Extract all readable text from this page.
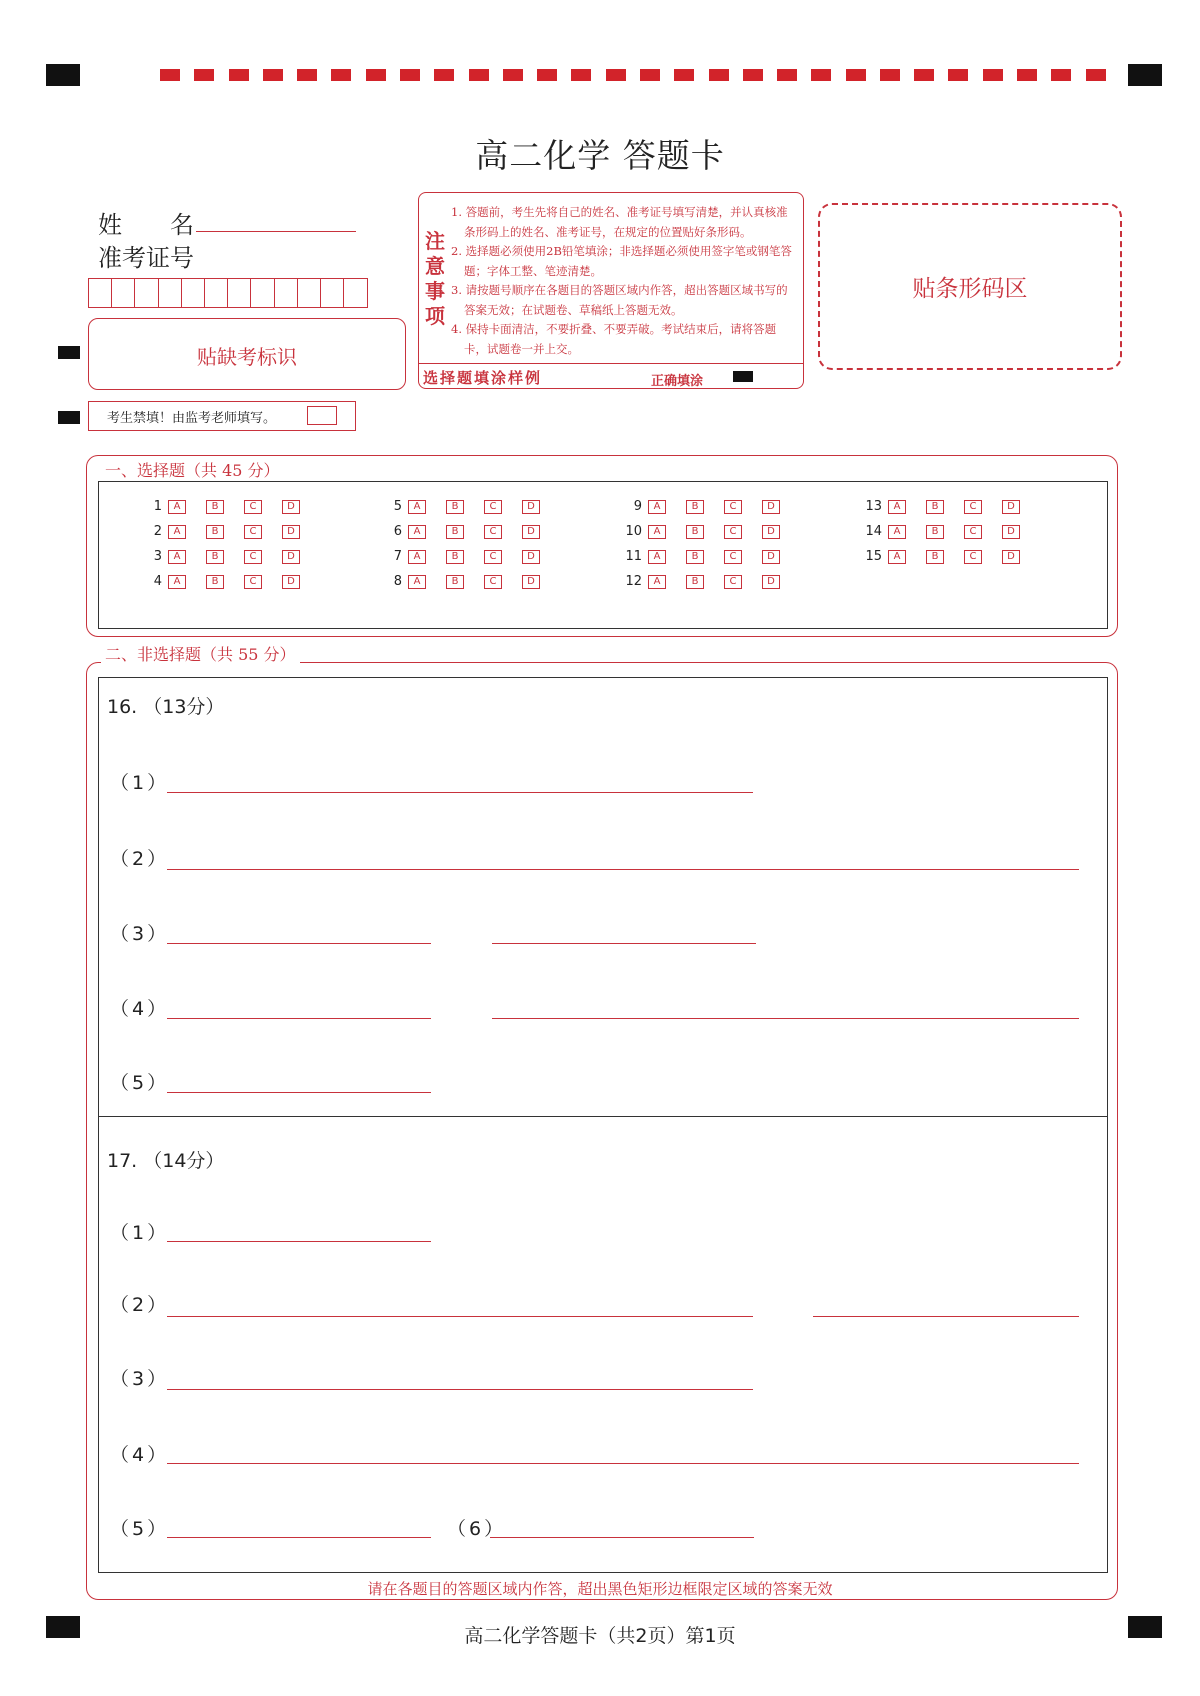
高二化学 答题卡
姓　　名
准考证号
贴缺考标识
考生禁填！由监考老师填写。
注意事项
1. 答题前，考生先将自己的姓名、准考证号填写清楚，并认真核准条形码上的姓名、准考证号，在规定的位置贴好条形码。
2. 选择题必须使用2B铅笔填涂；非选择题必须使用签字笔或钢笔答题；字体工整、笔迹清楚。
3. 请按题号顺序在各题目的答题区域内作答，超出答题区域书写的答案无效；在试题卷、草稿纸上答题无效。
4. 保持卡面清洁，不要折叠、不要弄破。考试结束后，请将答题卡，试题卷一并上交。
选择题填涂样例	正确填涂
贴条形码区
一、选择题（共 45 分）
1	A	B	C	D
2	A	B	C	D
3	A	B	C	D
4	A	B	C	D
5	A	B	C	D
6	A	B	C	D
7	A	B	C	D
8	A	B	C	D
9	A	B	C	D
10	A	B	C	D
11	A	B	C	D
12	A	B	C	D
13	A	B	C	D
14	A	B	C	D
15	A	B	C	D
二、非选择题（共 55 分）
16. （13分）
（1）
（2）
（3）
（4）
（5）
17. （14分）
（1）
（2）
（3）
（4）
（5）	（6）
请在各题目的答题区域内作答，超出黑色矩形边框限定区域的答案无效
高二化学答题卡（共2页）第1页
